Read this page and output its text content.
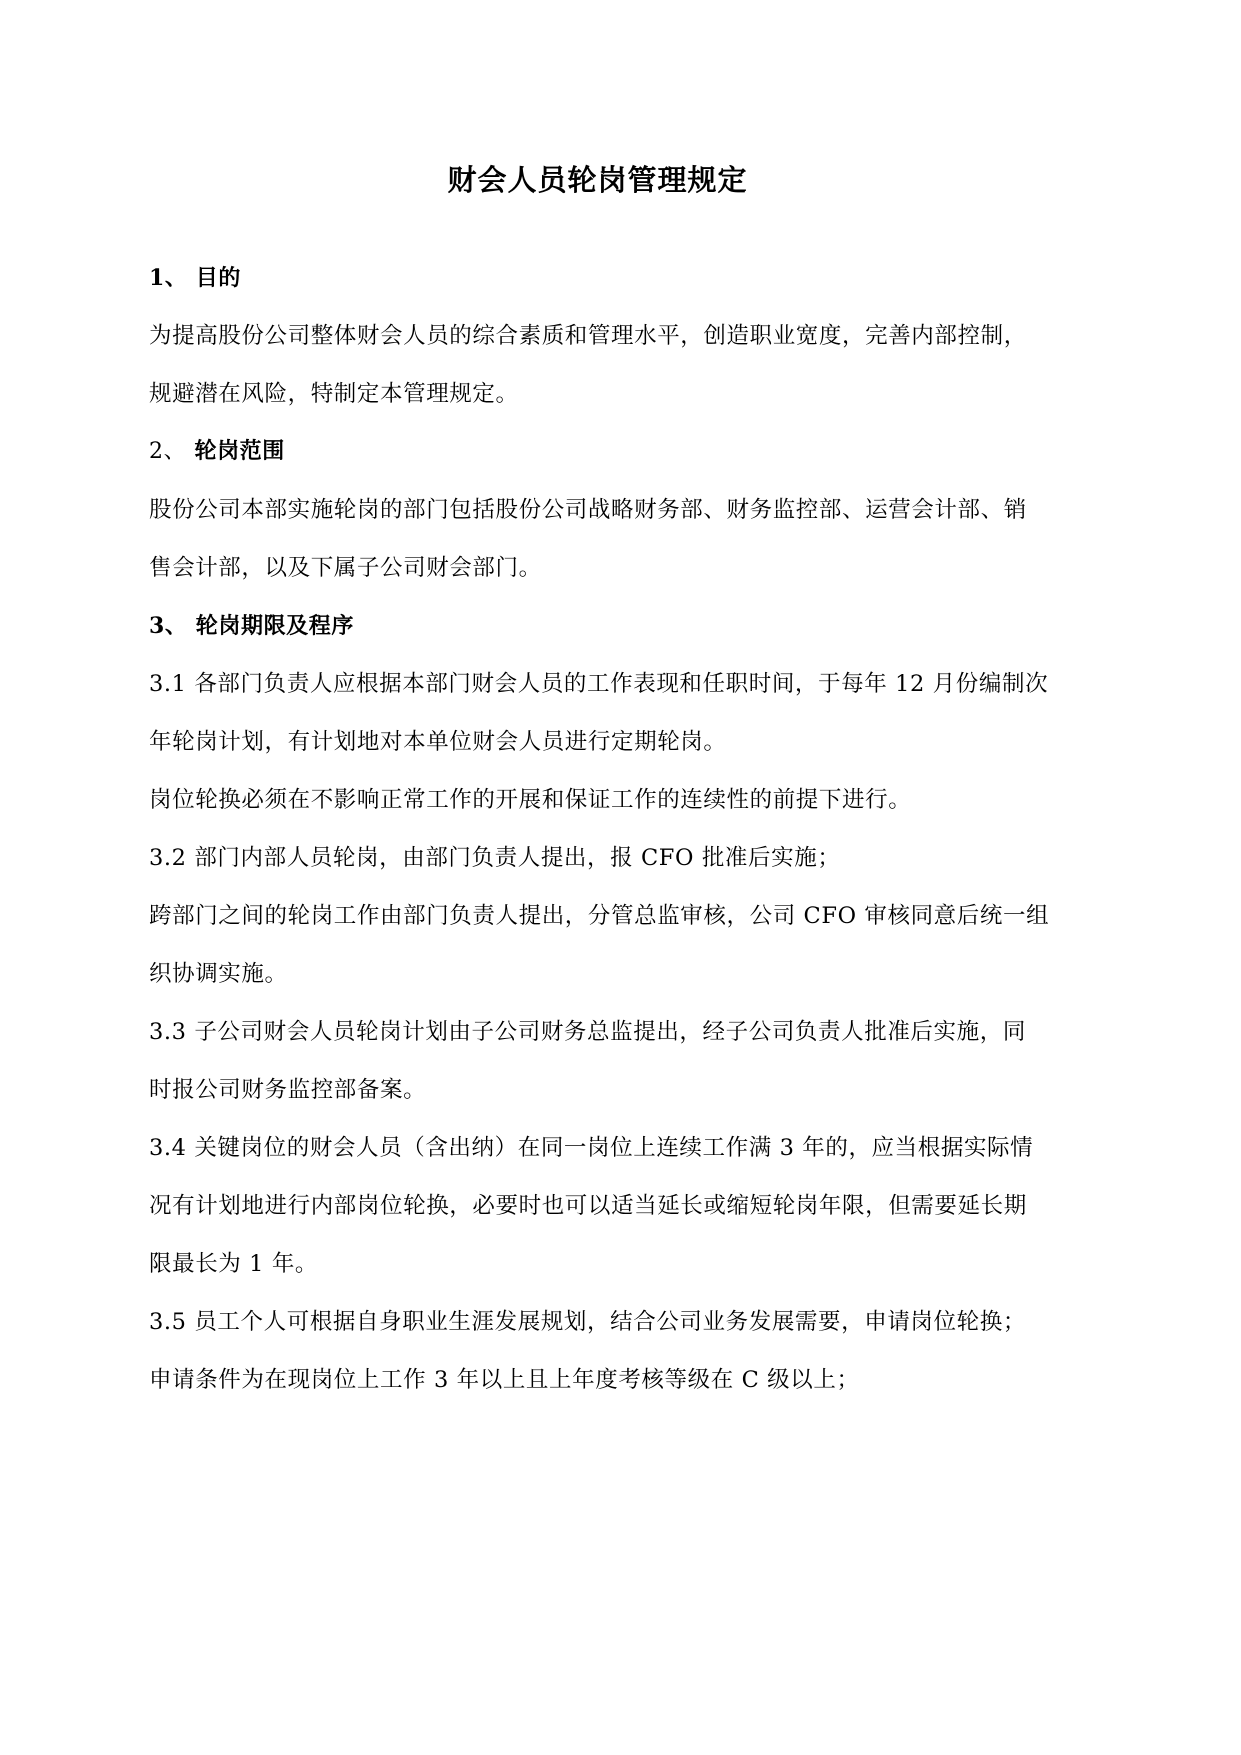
财会人员轮岗管理规定
1、 目的
为提高股份公司整体财会人员的综合素质和管理水平，创造职业宽度，完善内部控制，
规避潜在风险，特制定本管理规定。
2、 轮岗范围
股份公司本部实施轮岗的部门包括股份公司战略财务部、财务监控部、运营会计部、销
售会计部，以及下属子公司财会部门。
3、 轮岗期限及程序
3.1 各部门负责人应根据本部门财会人员的工作表现和任职时间，于每年 12 月份编制次
年轮岗计划，有计划地对本单位财会人员进行定期轮岗。
岗位轮换必须在不影响正常工作的开展和保证工作的连续性的前提下进行。
3.2 部门内部人员轮岗，由部门负责人提出，报 CFO 批准后实施；
跨部门之间的轮岗工作由部门负责人提出，分管总监审核，公司 CFO 审核同意后统一组
织协调实施。
3.3 子公司财会人员轮岗计划由子公司财务总监提出，经子公司负责人批准后实施，同
时报公司财务监控部备案。
3.4 关键岗位的财会人员（含出纳）在同一岗位上连续工作满 3 年的，应当根据实际情
况有计划地进行内部岗位轮换，必要时也可以适当延长或缩短轮岗年限，但需要延长期
限最长为 1 年。
3.5 员工个人可根据自身职业生涯发展规划，结合公司业务发展需要，申请岗位轮换；
申请条件为在现岗位上工作 3 年以上且上年度考核等级在 C 级以上；
